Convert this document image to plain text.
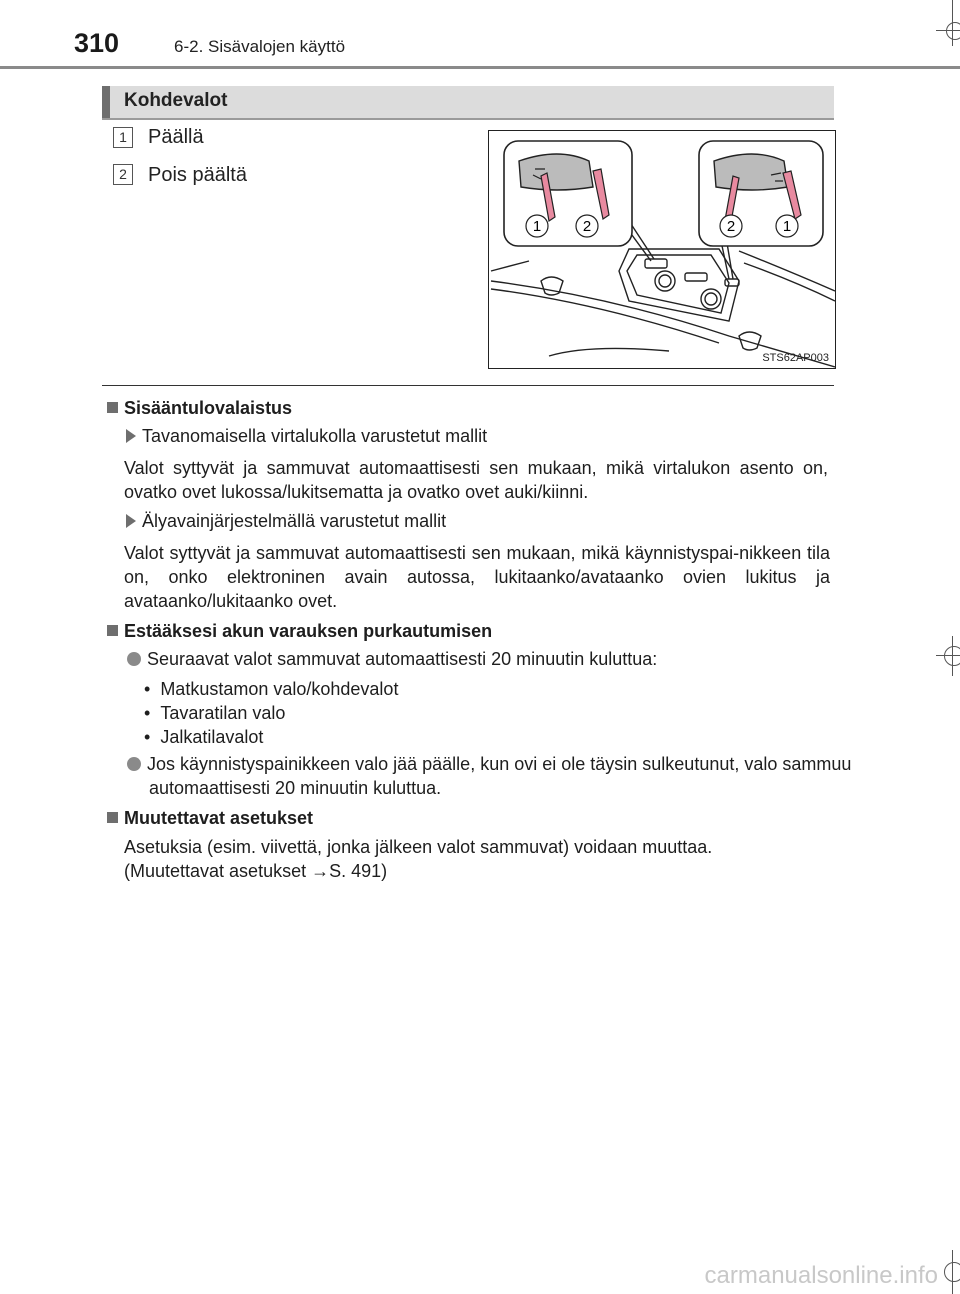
310	6-2. Sisävalojen käyttö
Kohdevalot
1	Päällä
2	Pois päältä
1	2	2	1
STS62AP003
Sisääntulovalaistus
Tavanomaisella virtalukolla varustetut mallit
Valot syttyvät ja sammuvat automaattisesti sen mukaan, mikä virtalukon asento on, ovatko ovet lukossa/lukitsematta ja ovatko ovet auki/kiinni.
Älyavainjärjestelmällä varustetut mallit
Valot syttyvät ja sammuvat automaattisesti sen mukaan, mikä käynnistyspai-nikkeen tila on, onko elektroninen avain autossa, lukitaanko/avataanko ovien lukitus ja avataanko/lukitaanko ovet.
Estääksesi akun varauksen purkautumisen
Seuraavat valot sammuvat automaattisesti 20 minuutin kuluttua:
•  Matkustamon valo/kohdevalot
•  Tavaratilan valo
•  Jalkatilavalot
Jos käynnistyspainikkeen valo jää päälle, kun ovi ei ole täysin sulkeutunut, valo sammuu automaattisesti 20 minuutin kuluttua.
Muutettavat asetukset
Asetuksia (esim. viivettä, jonka jälkeen valot sammuvat) voidaan muuttaa.
(Muutettavat asetukset →S. 491)
carmanualsonline.info
